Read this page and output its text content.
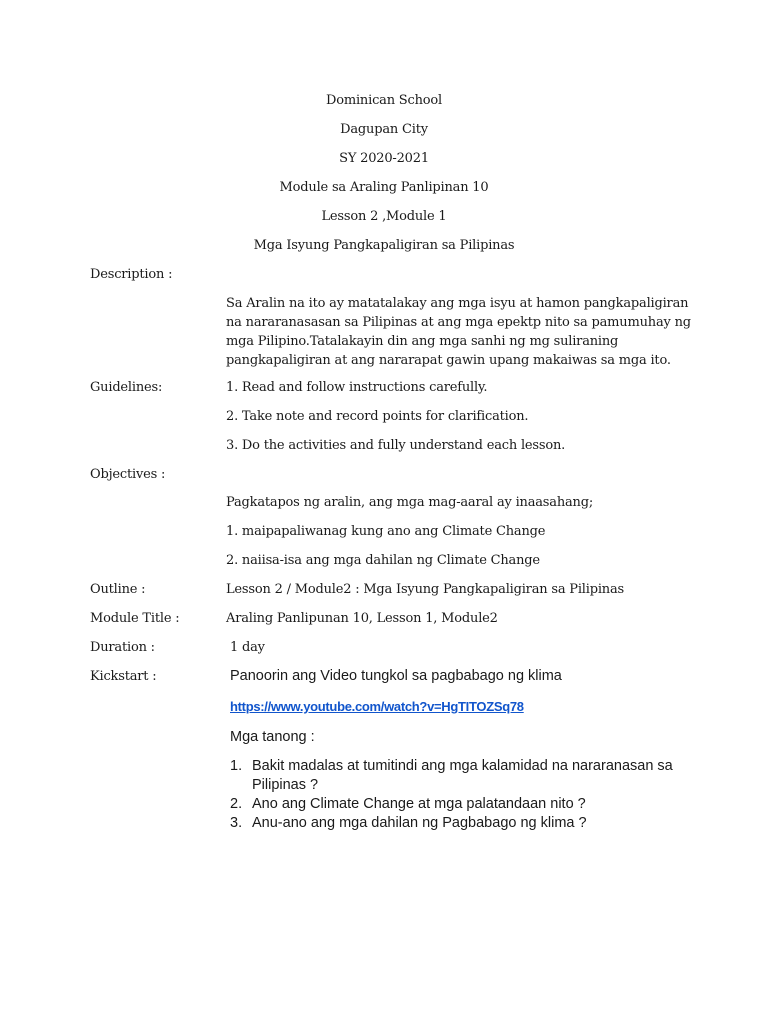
Dominican School
Dagupan City
SY 2020-2021
Module sa Araling Panlipinan 10
Lesson 2 ,Module 1
Mga Isyung Pangkapaligiran sa Pilipinas
Description :
Sa Aralin na ito ay matatalakay ang mga isyu at hamon pangkapaligiran na nararanasasan sa Pilipinas at ang mga epektp nito sa pamumuhay ng mga Pilipino.Tatalakayin din ang mga sanhi ng mg suliraning pangkapaligiran at ang nararapat gawin upang makaiwas sa mga ito.
Guidelines:	1. Read and follow instructions carefully.
2. Take note and record points for clarification.
3. Do the activities and fully understand each lesson.
Objectives :
Pagkatapos ng aralin, ang mga mag-aaral ay inaasahang;
1. maipapaliwanag kung ano ang Climate Change
2. naiisa-isa ang mga dahilan ng Climate Change
Outline :	Lesson 2 / Module2 : Mga Isyung Pangkapaligiran sa Pilipinas
Module Title :	Araling Panlipunan 10, Lesson 1, Module2
Duration :	1 day
Kickstart :	Panoorin ang Video tungkol sa pagbabago ng klima
https://www.youtube.com/watch?v=HgTITOZSq78
Mga tanong :
1. Bakit madalas at tumitindi ang mga kalamidad na nararanasan sa Pilipinas ?
2. Ano ang Climate Change at mga palatandaan nito ?
3. Anu-ano ang mga dahilan ng Pagbabago ng klima ?
